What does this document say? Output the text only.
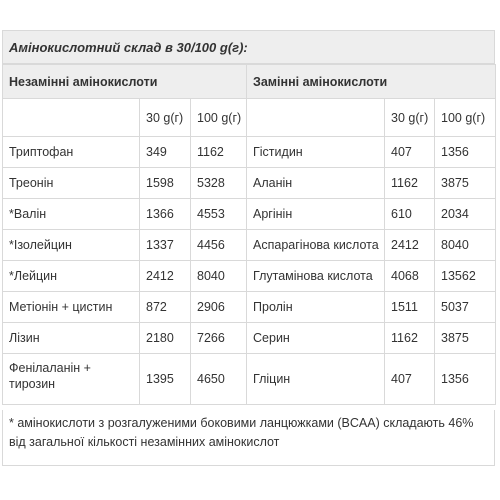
Амінокислотний склад в 30/100 g(г):
Незамінні амінокислоти			Замінні амінокислоти		
	30 g(г)	100 g(г)		30 g(г)	100 g(г)
Триптофан	349	1162	Гістидин	407	1356
Треонін	1598	5328	Аланін	1162	3875
*Валін	1366	4553	Аргінін	610	2034
*Ізолейцин	1337	4456	Аспарагінова кислота	2412	8040
*Лейцин	2412	8040	Глутамінова кислота	4068	13562
Метіонін + цистин	872	2906	Пролін	1511	5037
Лізин	2180	7266	Серин	1162	3875
Фенілаланін + тирозин	1395	4650	Гліцин	407	1356
* амінокислоти з розгалуженими боковими ланцюжками (BCAA) складають 46% від загальної кількості незамінних амінокислот
